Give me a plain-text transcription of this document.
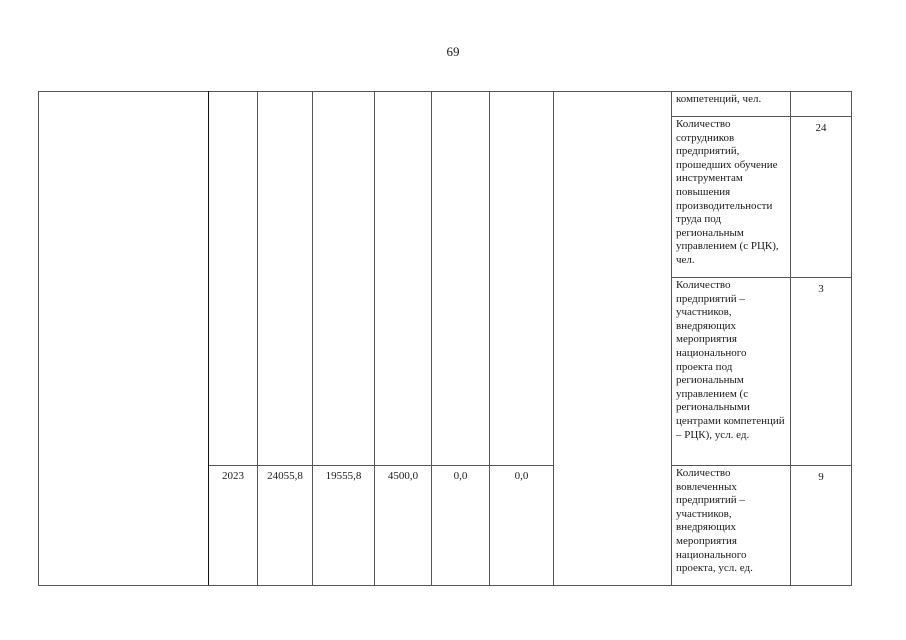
69
								компетенций, чел.	
								Количество сотрудников предприятий, прошедших обучение инструментам повышения производительности труда под региональным управлением (с РЦК), чел.	24
								Количество предприятий – участников, внедряющих мероприятия национального проекта под региональным управлением (с региональными центрами компетенций – РЦК), усл. ед.	3
	2023	24055,8	19555,8	4500,0	0,0	0,0		Количество вовлеченных предприятий – участников, внедряющих мероприятия национального проекта, усл. ед.	9
